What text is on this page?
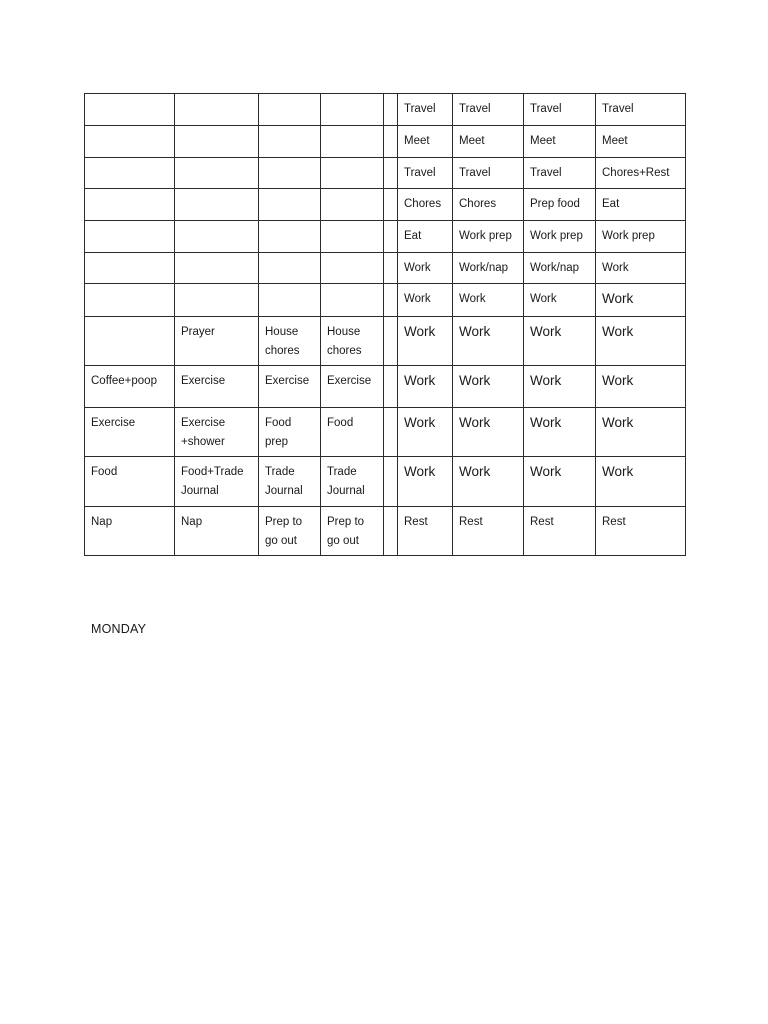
					Travel	Travel	Travel	Travel
					Meet	Meet	Meet	Meet
					Travel	Travel	Travel	Chores+Rest
					Chores	Chores	Prep food	Eat
					Eat	Work prep	Work prep	Work prep
					Work	Work/nap	Work/nap	Work
					Work	Work	Work	Work
	Prayer	House chores	House chores		Work	Work	Work	Work
Coffee+poop	Exercise	Exercise	Exercise		Work	Work	Work	Work
Exercise	Exercise +shower	Food prep	Food		Work	Work	Work	Work
Food	Food+Trade Journal	Trade Journal	Trade Journal		Work	Work	Work	Work
Nap	Nap	Prep to go out	Prep to go out		Rest	Rest	Rest	Rest
MONDAY
